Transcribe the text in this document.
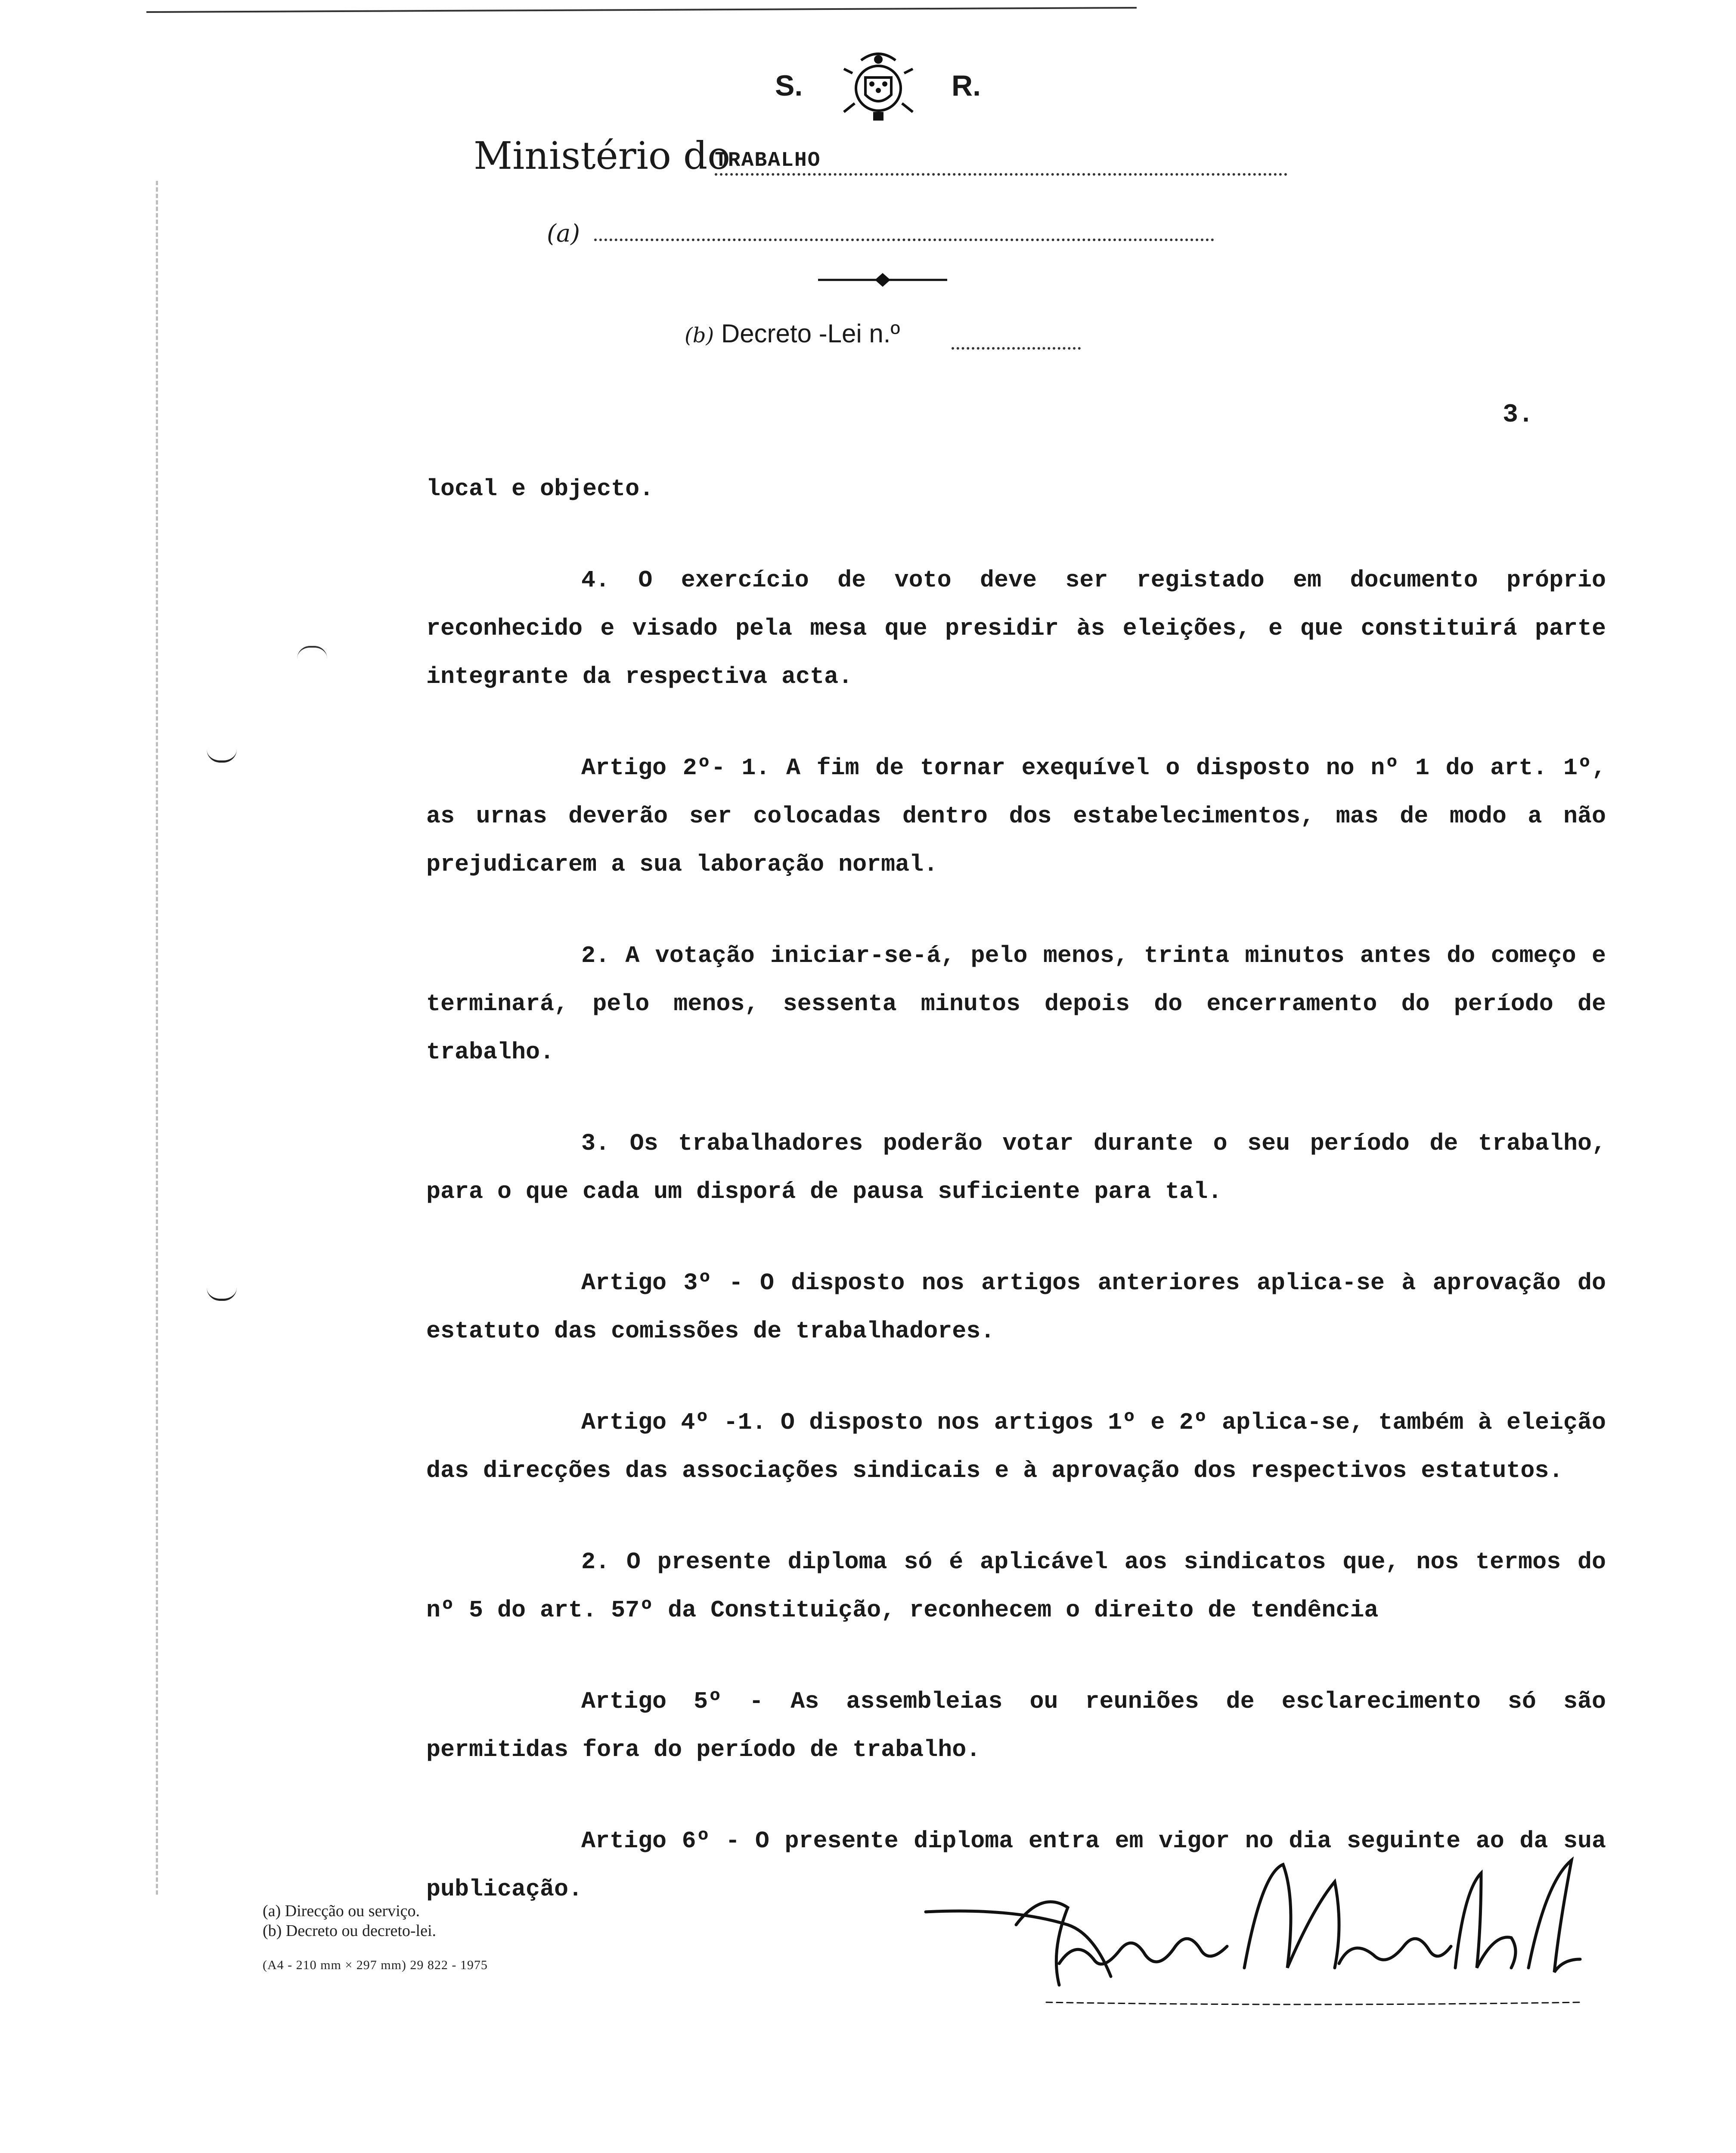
S.	R.
Ministério do
TRABALHO
(a)
(b) Decreto -Lei n.º
3.

local e objecto.

4. O exercício de voto deve ser registado em documento próprio reconhecido e visado pela mesa que presidir às eleições, e que constituirá parte integrante da respectiva acta.

Artigo 2º- 1. A fim de tornar exequível o disposto no nº 1 do art. 1º, as urnas deverão ser colocadas dentro dos estabelecimentos, mas de modo a não prejudicarem a sua laboração normal.

2. A votação iniciar-se-á, pelo menos, trinta minutos antes do começo e terminará, pelo menos, sessenta minutos depois do encerramento do período de trabalho.

3. Os trabalhadores poderão votar durante o seu período de trabalho, para o que cada um disporá de pausa suficiente para tal.

Artigo 3º - O disposto nos artigos anteriores aplica-se à aprovação do estatuto das comissões de trabalhadores.

Artigo 4º -1. O disposto nos artigos 1º e 2º aplica-se, também à eleição das direcções das associações sindicais e à aprovação dos respectivos estatutos.

2. O presente diploma só é aplicável aos sindicatos que, nos termos do nº 5 do art. 57º da Constituição, reconhecem o direito de tendência

Artigo 5º - As assembleias ou reuniões de esclarecimento só são permitidas fora do período de trabalho.

Artigo 6º - O presente diploma entra em vigor no dia seguinte ao da sua publicação.

(a) Direcção ou serviço.
(b) Decreto ou decreto-lei.
(A4 - 210 mm × 297 mm) 29 822 - 1975
